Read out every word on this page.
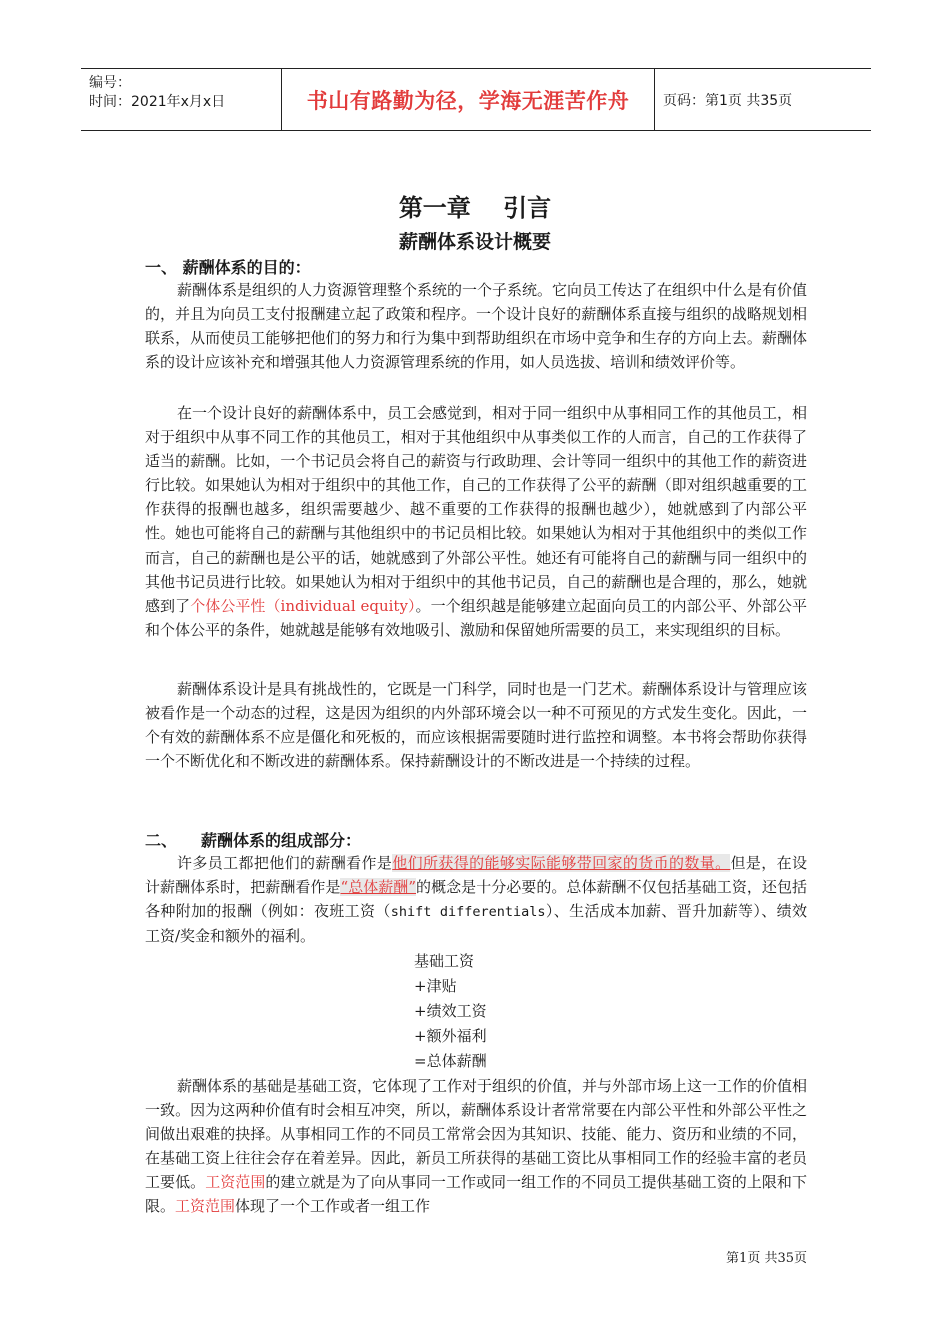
编号：
时间：2021年x月x日	书山有路勤为径，学海无涯苦作舟 页码：第1页 共35页
第一章　 引言
薪酬体系设计概要
一、 薪酬体系的目的：
薪酬体系是组织的人力资源管理整个系统的一个子系统。它向员工传达了在组织中什么是有价值的，并且为向员工支付报酬建立起了政策和程序。一个设计良好的薪酬体系直接与组织的战略规划相联系，从而使员工能够把他们的努力和行为集中到帮助组织在市场中竞争和生存的方向上去。薪酬体系的设计应该补充和增强其他人力资源管理系统的作用，如人员选拔、培训和绩效评价等。
在一个设计良好的薪酬体系中，员工会感觉到，相对于同一组织中从事相同工作的其他员工，相对于组织中从事不同工作的其他员工，相对于其他组织中从事类似工作的人而言，自己的工作获得了适当的薪酬。比如，一个书记员会将自己的薪资与行政助理、会计等同一组织中的其他工作的薪资进行比较。如果她认为相对于组织中的其他工作，自己的工作获得了公平的薪酬（即对组织越重要的工作获得的报酬也越多，组织需要越少、越不重要的工作获得的报酬也越少），她就感到了内部公平性。她也可能将自己的薪酬与其他组织中的书记员相比较。如果她认为相对于其他组织中的类似工作而言，自己的薪酬也是公平的话，她就感到了外部公平性。她还有可能将自己的薪酬与同一组织中的其他书记员进行比较。如果她认为相对于组织中的其他书记员，自己的薪酬也是合理的，那么，她就感到了个体公平性（individual equity）。一个组织越是能够建立起面向员工的内部公平、外部公平和个体公平的条件，她就越是能够有效地吸引、激励和保留她所需要的员工，来实现组织的目标。
薪酬体系设计是具有挑战性的，它既是一门科学，同时也是一门艺术。薪酬体系设计与管理应该被看作是一个动态的过程，这是因为组织的内外部环境会以一种不可预见的方式发生变化。因此，一个有效的薪酬体系不应是僵化和死板的，而应该根据需要随时进行监控和调整。本书将会帮助你获得一个不断优化和不断改进的薪酬体系。保持薪酬设计的不断改进是一个持续的过程。
二、　　薪酬体系的组成部分：
许多员工都把他们的薪酬看作是他们所获得的能够实际能够带回家的货币的数量。但是，在设计薪酬体系时，把薪酬看作是“总体薪酬”的概念是十分必要的。总体薪酬不仅包括基础工资，还包括各种附加的报酬（例如：夜班工资（shift differentials）、生活成本加薪、晋升加薪等）、绩效工资/奖金和额外的福利。
基础工资
+津贴
+绩效工资
+额外福利
=总体薪酬
薪酬体系的基础是基础工资，它体现了工作对于组织的价值，并与外部市场上这一工作的价值相一致。因为这两种价值有时会相互冲突，所以，薪酬体系设计者常常要在内部公平性和外部公平性之间做出艰难的抉择。从事相同工作的不同员工常常会因为其知识、技能、能力、资历和业绩的不同，在基础工资上往往会存在着差异。因此，新员工所获得的基础工资比从事相同工作的经验丰富的老员工要低。工资范围的建立就是为了向从事同一工作或同一组工作的不同员工提供基础工资的上限和下限。工资范围体现了一个工作或者一组工作
第1页 共35页
